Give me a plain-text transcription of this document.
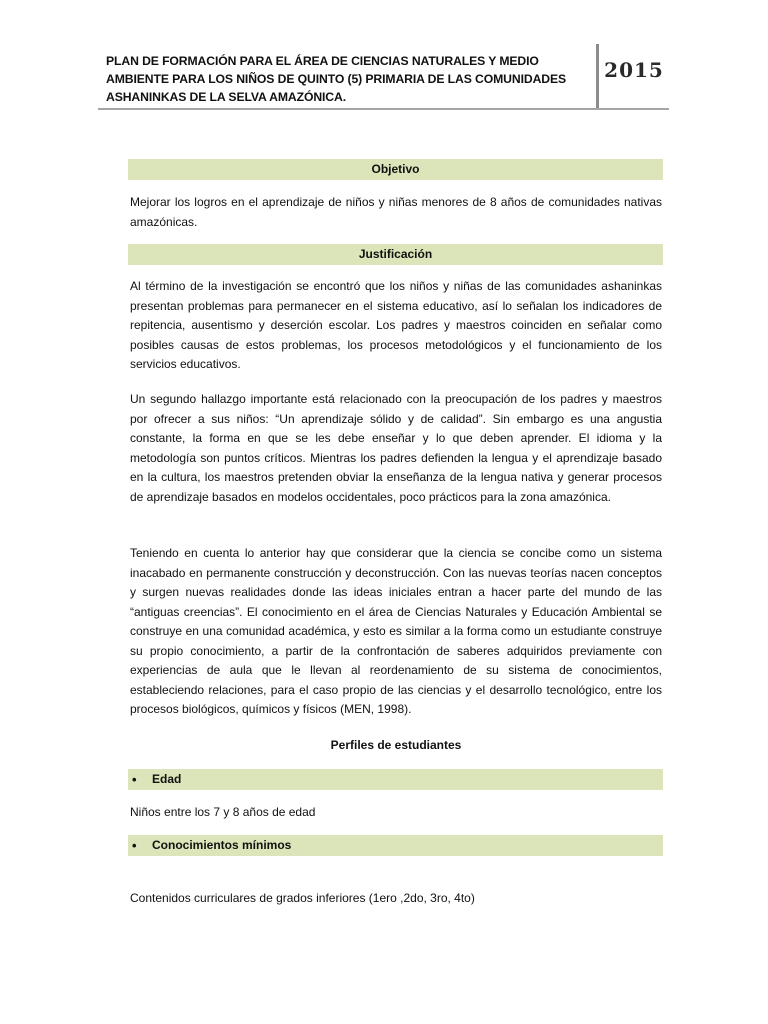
PLAN DE FORMACIÓN PARA EL ÁREA DE CIENCIAS NATURALES Y MEDIO AMBIENTE PARA LOS NIÑOS DE QUINTO (5) PRIMARIA DE LAS COMUNIDADES ASHANINKAS DE LA SELVA AMAZÓNICA.
2015
Objetivo

Mejorar los logros en el aprendizaje de niños y niñas menores de 8 años de comunidades nativas amazónicas.

Justificación

Al término de la investigación se encontró que los niños y niñas de las comunidades ashaninkas presentan problemas para permanecer en el sistema educativo, así lo señalan los indicadores de repitencia, ausentismo y deserción escolar. Los padres y maestros coinciden en señalar como posibles causas de estos problemas, los procesos metodológicos y el funcionamiento de los servicios educativos.

Un segundo hallazgo importante está relacionado con la preocupación de los padres y maestros por ofrecer a sus niños: “Un aprendizaje sólido y de calidad”. Sin embargo es una angustia constante, la forma en que se les debe enseñar y lo que deben aprender. El idioma y la metodología son puntos críticos. Mientras los padres defienden la lengua y el aprendizaje basado en la cultura, los maestros pretenden obviar la enseñanza de la lengua nativa y generar procesos de aprendizaje basados en modelos occidentales, poco prácticos para la zona amazónica.

Teniendo en cuenta lo anterior hay que considerar que la ciencia se concibe como un sistema inacabado en permanente construcción y deconstrucción. Con las nuevas teorías nacen conceptos y surgen nuevas realidades donde las ideas iniciales entran a hacer parte del mundo de las “antiguas creencias”. El conocimiento en el área de Ciencias Naturales y Educación Ambiental se construye en una comunidad académica, y esto es similar a la forma como un estudiante construye su propio conocimiento, a partir de la confrontación de saberes adquiridos previamente con experiencias de aula que le llevan al reordenamiento de su sistema de conocimientos, estableciendo relaciones, para el caso propio de las ciencias y el desarrollo tecnológico, entre los procesos biológicos, químicos y físicos (MEN, 1998).

Perfiles de estudiantes

• Edad

Niños entre los 7 y 8 años de edad

• Conocimientos mínimos

Contenidos curriculares de grados inferiores (1ero ,2do, 3ro, 4to)
